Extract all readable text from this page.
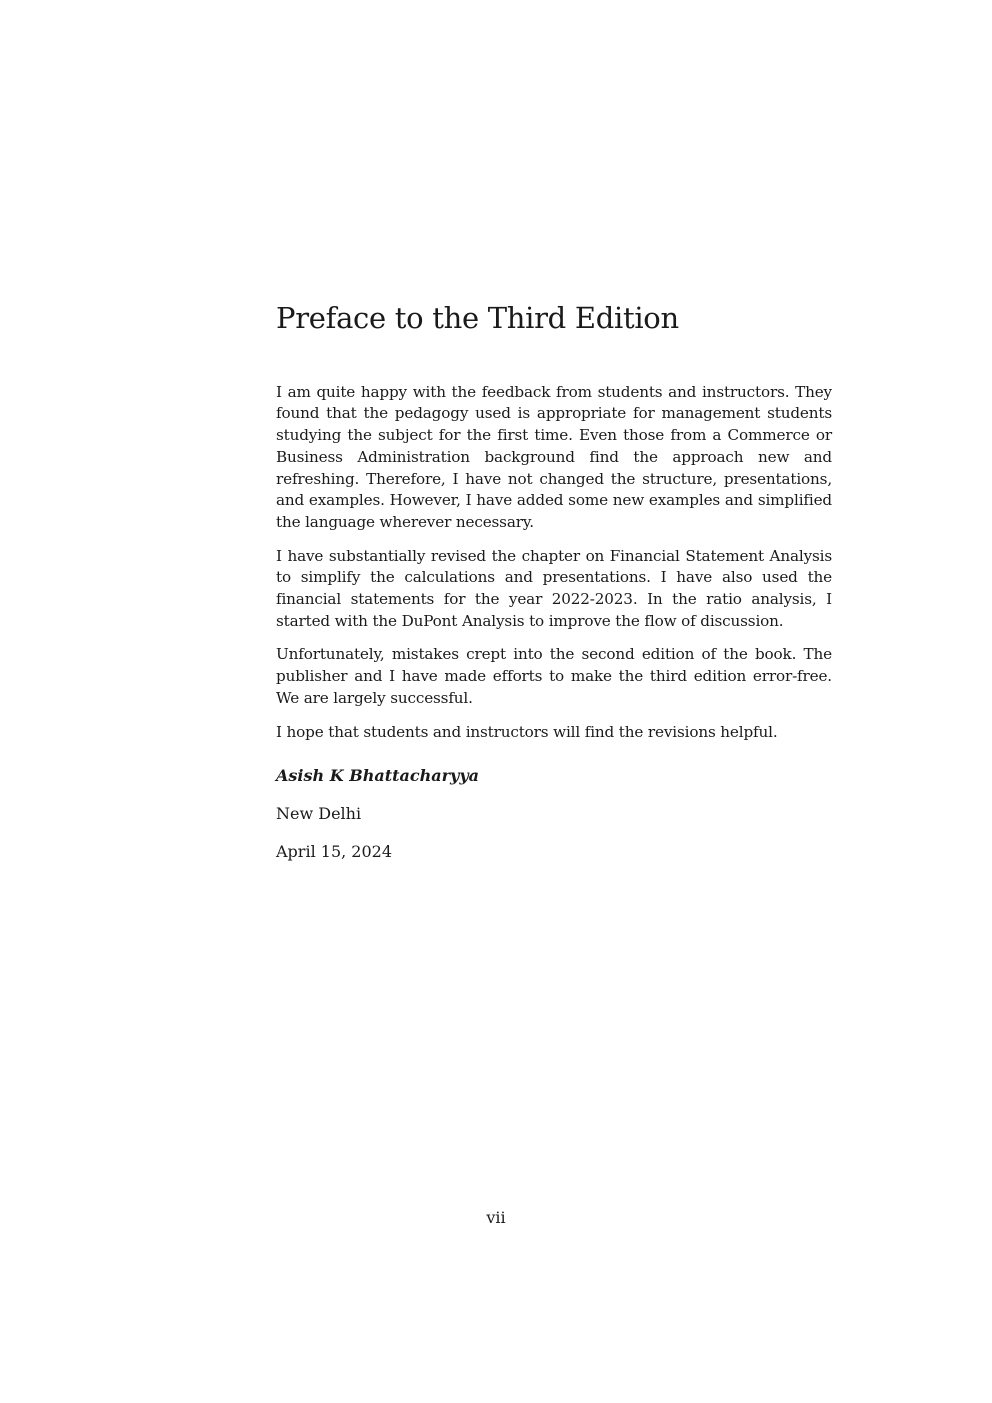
Preface to the Third Edition

I am quite happy with the feedback from students and instructors. They found that the pedagogy used is appropriate for management students studying the subject for the first time. Even those from a Commerce or Business Administration background find the approach new and refreshing. Therefore, I have not changed the structure, presentations, and examples. However, I have added some new examples and simplified the language wherever necessary.

I have substantially revised the chapter on Financial Statement Analysis to simplify the calculations and presentations. I have also used the financial statements for the year 2022-2023. In the ratio analysis, I started with the DuPont Analysis to improve the flow of discussion.

Unfortunately, mistakes crept into the second edition of the book. The publisher and I have made efforts to make the third edition error-free. We are largely successful.

I hope that students and instructors will find the revisions helpful.

Asish K Bhattacharyya

New Delhi

April 15, 2024

vii
